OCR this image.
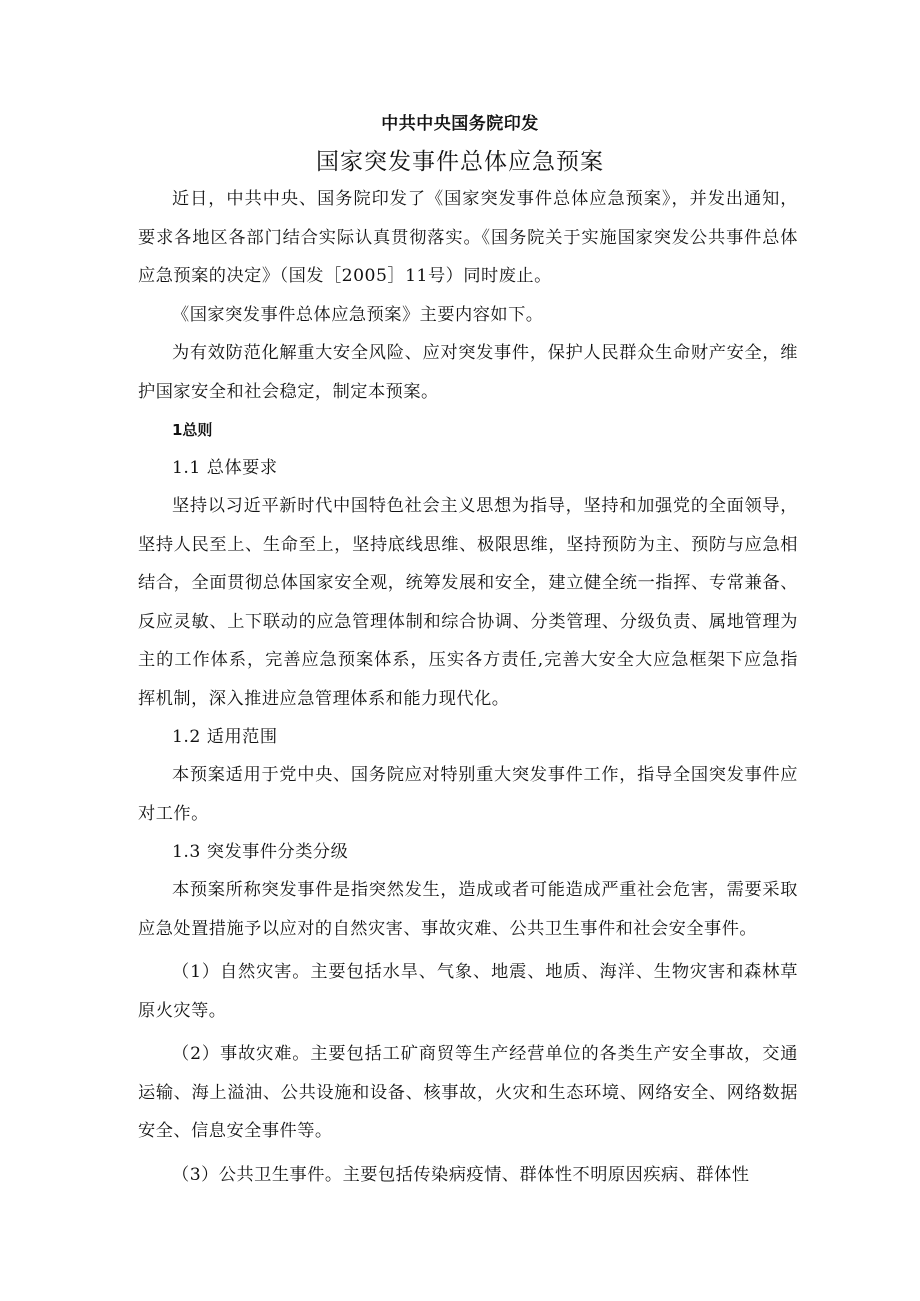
中共中央国务院印发
国家突发事件总体应急预案

近日，中共中央、国务院印发了《国家突发事件总体应急预案》，并发出通知，要求各地区各部门结合实际认真贯彻落实。《国务院关于实施国家突发公共事件总体应急预案的决定》（国发［2005］11号）同时废止。

《国家突发事件总体应急预案》主要内容如下。

为有效防范化解重大安全风险、应对突发事件，保护人民群众生命财产安全，维护国家安全和社会稳定，制定本预案。

1总则

1.1 总体要求

坚持以习近平新时代中国特色社会主义思想为指导，坚持和加强党的全面领导，坚持人民至上、生命至上，坚持底线思维、极限思维，坚持预防为主、预防与应急相结合，全面贯彻总体国家安全观，统筹发展和安全，建立健全统一指挥、专常兼备、反应灵敏、上下联动的应急管理体制和综合协调、分类管理、分级负责、属地管理为主的工作体系，完善应急预案体系，压实各方责任,完善大安全大应急框架下应急指挥机制，深入推进应急管理体系和能力现代化。

1.2 适用范围

本预案适用于党中央、国务院应对特别重大突发事件工作，指导全国突发事件应对工作。

1.3 突发事件分类分级

本预案所称突发事件是指突然发生，造成或者可能造成严重社会危害，需要采取应急处置措施予以应对的自然灾害、事故灾难、公共卫生事件和社会安全事件。

（1）自然灾害。主要包括水旱、气象、地震、地质、海洋、生物灾害和森林草原火灾等。

（2）事故灾难。主要包括工矿商贸等生产经营单位的各类生产安全事故，交通运输、海上溢油、公共设施和设备、核事故，火灾和生态环境、网络安全、网络数据安全、信息安全事件等。

（3）公共卫生事件。主要包括传染病疫情、群体性不明原因疾病、群体性
